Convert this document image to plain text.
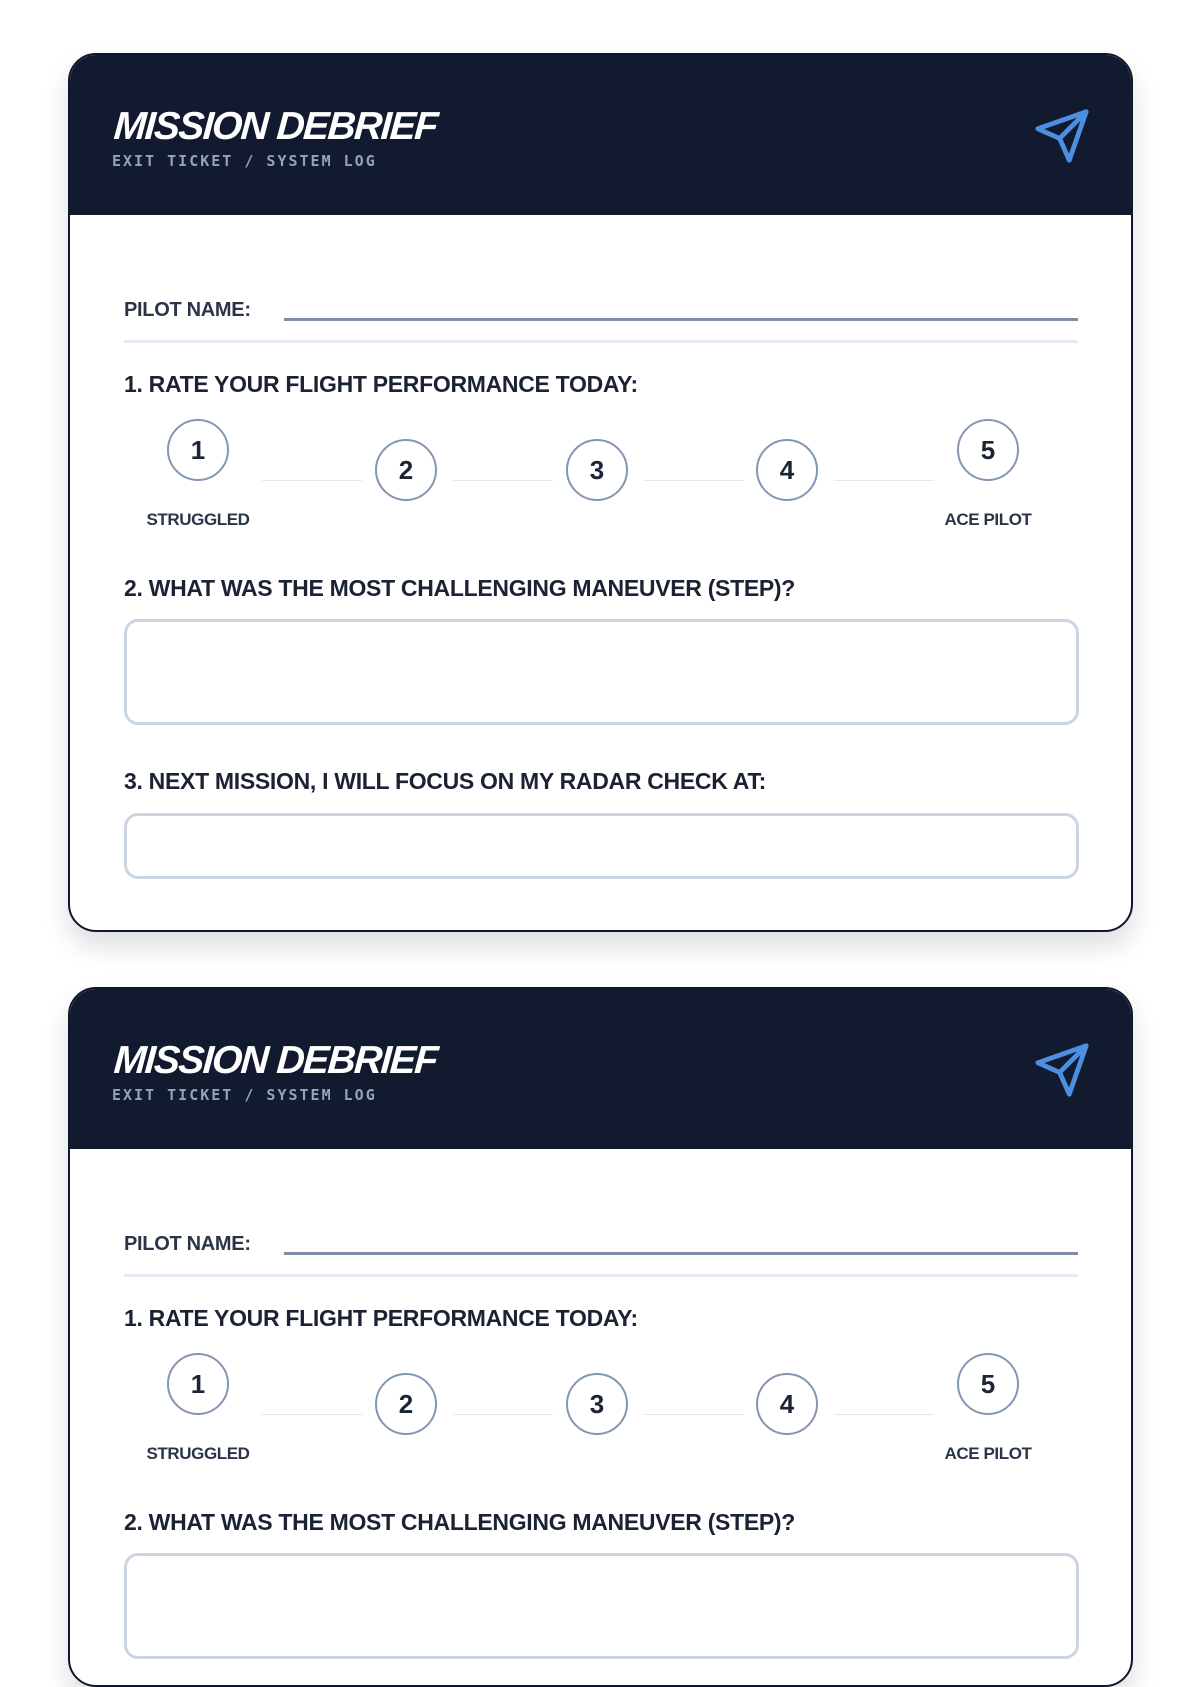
MISSION DEBRIEF
EXIT TICKET / SYSTEM LOG
PILOT NAME:
1. RATE YOUR FLIGHT PERFORMANCE TODAY:
1
2	3	4
5
STRUGGLED	ACE PILOT
2. WHAT WAS THE MOST CHALLENGING MANEUVER (STEP)?
3. NEXT MISSION, I WILL FOCUS ON MY RADAR CHECK AT:
MISSION DEBRIEF
EXIT TICKET / SYSTEM LOG
PILOT NAME:
1. RATE YOUR FLIGHT PERFORMANCE TODAY:
1
2	3	4
5
STRUGGLED	ACE PILOT
2. WHAT WAS THE MOST CHALLENGING MANEUVER (STEP)?
